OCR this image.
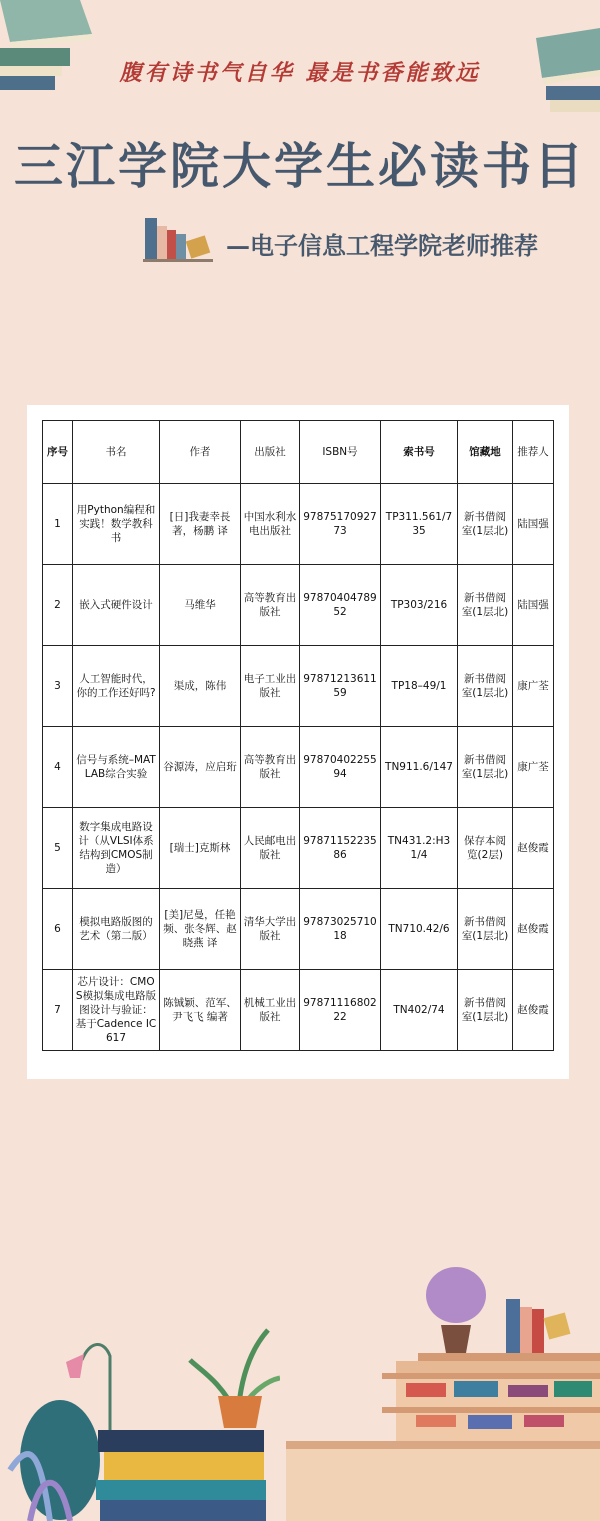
腹有诗书气自华 最是书香能致远
三江学院大学生必读书目
—电子信息工程学院老师推荐
序号	书名	作者	出版社	ISBN号	索书号	馆藏地	推荐人
1	用Python编程和实践！数学教科书	[日]我妻幸長著，杨鹏 译	中国水利水电出版社	9787517092773	TP311.561/735	新书借阅室(1层北)	陆国强
2	嵌入式硬件设计	马维华	高等教育出版社	9787040478952	TP303/216	新书借阅室(1层北)	陆国强
3	人工智能时代，你的工作还好吗?	渠成，陈伟	电子工业出版社	9787121361159	TP18–49/1	新书借阅室(1层北)	康广荃
4	信号与系统–MATLAB综合实验	谷源涛，应启珩	高等教育出版社	9787040225594	TN911.6/147	新书借阅室(1层北)	康广荃
5	数字集成电路设计（从VLSI体系结构到CMOS制造）	[瑞士]克斯林	人民邮电出版社	9787115223586	TN431.2:H31/4	保存本阅览(2层)	赵俊霞
6	模拟电路版图的艺术（第二版）	[美]尼曼，任艳频、张冬辉、赵晓燕 译	清华大学出版社	9787302571018	TN710.42/6	新书借阅室(1层北)	赵俊霞
7	芯片设计：CMOS模拟集成电路版图设计与验证：基于Cadence IC 617	陈铖颖、范军、尹飞飞 编著	机械工业出版社	9787111680222	TN402/74	新书借阅室(1层北)	赵俊霞
